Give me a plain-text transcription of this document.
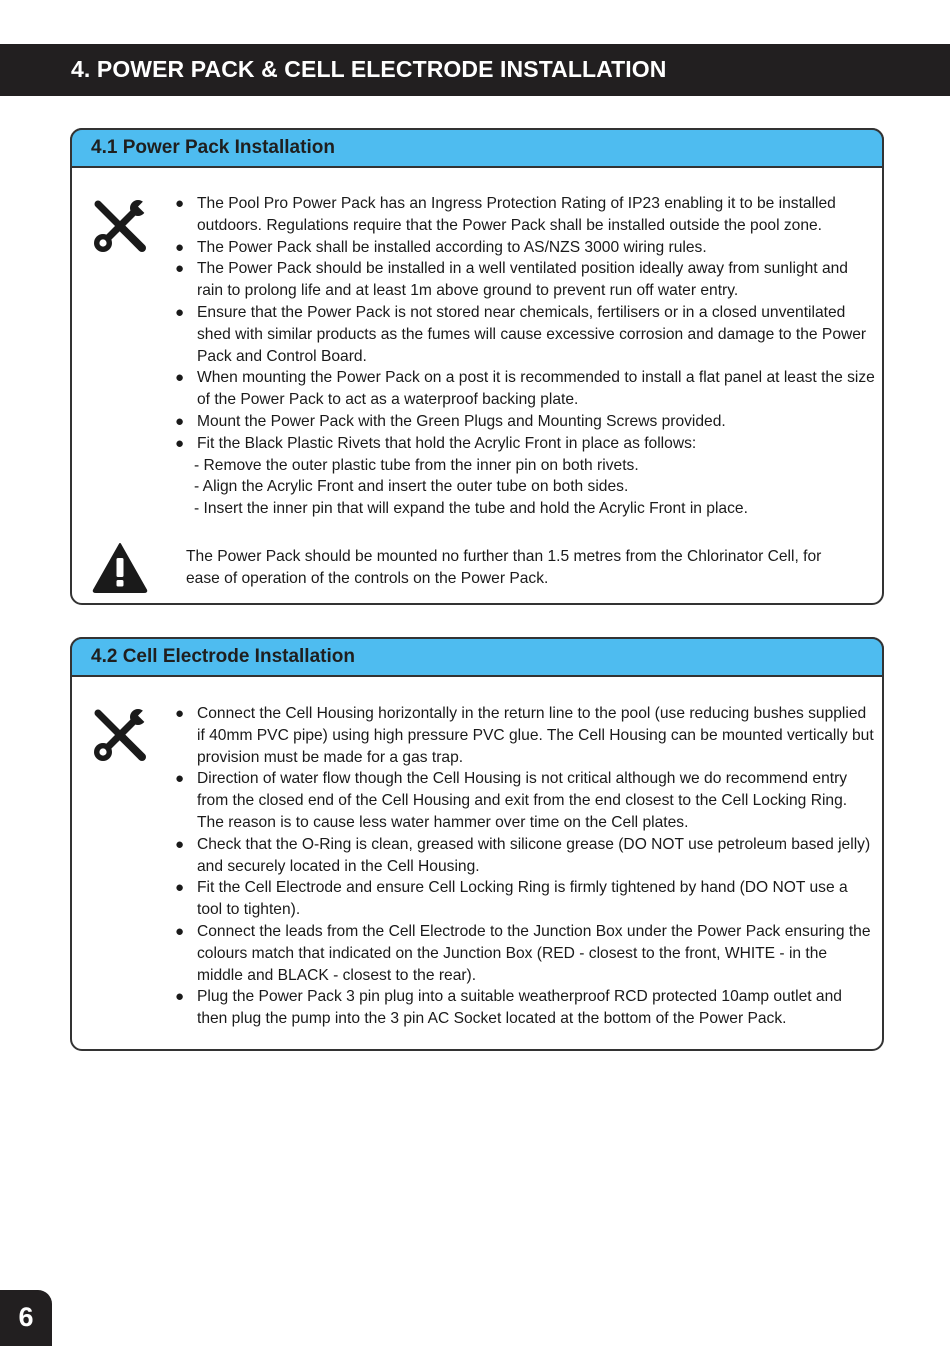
4. POWER PACK & CELL ELECTRODE INSTALLATION
4.1 Power Pack Installation
● The Pool Pro Power Pack has an Ingress Protection Rating of IP23 enabling it to be installed outdoors. Regulations require that the Power Pack shall be installed outside the pool zone.
● The Power Pack shall be installed according to AS/NZS 3000 wiring rules.
● The Power Pack should be installed in a well ventilated position ideally away from sunlight and rain to prolong life and at least 1m above ground to prevent run off water entry.
● Ensure that the Power Pack is not stored near chemicals, fertilisers or in a closed unventilated shed with similar products as the fumes will cause excessive corrosion and damage to the Power Pack and Control Board.
● When mounting the Power Pack on a post it is recommended to install a flat panel at least the size of the Power Pack to act as a waterproof backing plate.
● Mount the Power Pack with the Green Plugs and Mounting Screws provided.
● Fit the Black Plastic Rivets that hold the Acrylic Front in place as follows:
- Remove the outer plastic tube from the inner pin on both rivets.
- Align the Acrylic Front and insert the outer tube on both sides.
- Insert the inner pin that will expand the tube and hold the Acrylic Front in place.
The Power Pack should be mounted no further than 1.5 metres from the Chlorinator Cell, for ease of operation of the controls on the Power Pack.
4.2 Cell Electrode Installation
● Connect the Cell Housing horizontally in the return line to the pool (use reducing bushes supplied if 40mm PVC pipe) using high pressure PVC glue. The Cell Housing can be mounted vertically but provision must be made for a gas trap.
● Direction of water flow though the Cell Housing is not critical although we do recommend entry from the closed end of the Cell Housing and exit from the end closest to the Cell Locking Ring. The reason is to cause less water hammer over time on the Cell plates.
● Check that the O-Ring is clean, greased with silicone grease (DO NOT use petroleum based jelly) and securely located in the Cell Housing.
● Fit the Cell Electrode and ensure Cell Locking Ring is firmly tightened by hand (DO NOT use a tool to tighten).
● Connect the leads from the Cell Electrode to the Junction Box under the Power Pack ensuring the colours match that indicated on the Junction Box (RED - closest to the front, WHITE - in the middle and BLACK - closest to the rear).
● Plug the Power Pack 3 pin plug into a suitable weatherproof RCD protected 10amp outlet and then plug the pump into the 3 pin AC Socket located at the bottom of the Power Pack.
6
